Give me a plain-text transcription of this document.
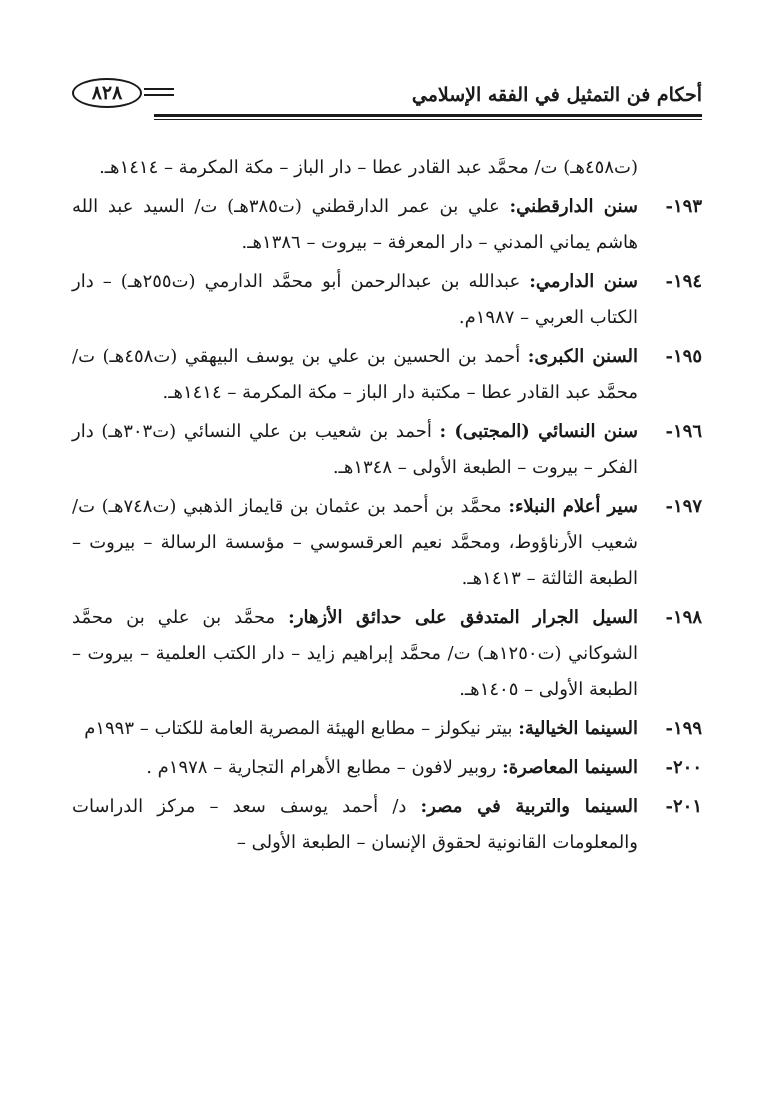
أحكام فن التمثيل في الفقه الإسلامي
٨٢٨
(ت٤٥٨هـ) ت/ محمَّد عبد القادر عطا – دار الباز – مكة المكرمة – ١٤١٤هـ.
١٩٣-
سنن الدارقطني: علي بن عمر الدارقطني (ت٣٨٥هـ) ت/ السيد عبد الله هاشم يماني المدني – دار المعرفة – بيروت – ١٣٨٦هـ.
١٩٤-
سنن الدارمي: عبدالله بن عبدالرحمن أبو محمَّد الدارمي (ت٢٥٥هـ) – دار الكتاب العربي – ١٩٨٧م.
١٩٥-
السنن الكبرى: أحمد بن الحسين بن علي بن يوسف البيهقي (ت٤٥٨هـ) ت/ محمَّد عبد القادر عطا – مكتبة دار الباز – مكة المكرمة – ١٤١٤هـ.
١٩٦-
سنن النسائي (المجتبى) : أحمد بن شعيب بن علي النسائي (ت٣٠٣هـ) دار الفكر – بيروت – الطبعة الأولى – ١٣٤٨هـ.
١٩٧-
سير أعلام النبلاء: محمَّد بن أحمد بن عثمان بن قايماز الذهبي (ت٧٤٨هـ) ت/ شعيب الأرناؤوط، ومحمَّد نعيم العرقسوسي – مؤسسة الرسالة – بيروت – الطبعة الثالثة – ١٤١٣هـ.
١٩٨-
السيل الجرار المتدفق على حدائق الأزهار: محمَّد بن علي بن محمَّد الشوكاني (ت١٢٥٠هـ) ت/ محمَّد إبراهيم زايد – دار الكتب العلمية – بيروت – الطبعة الأولى – ١٤٠٥هـ.
١٩٩-
السينما الخيالية: بيتر نيكولز – مطابع الهيئة المصرية العامة للكتاب – ١٩٩٣م
٢٠٠-
السينما المعاصرة: روبير لافون – مطابع الأهرام التجارية – ١٩٧٨م .
٢٠١-
السينما والتربية في مصر: د/ أحمد يوسف سعد – مركز الدراسات والمعلومات القانونية لحقوق الإنسان – الطبعة الأولى –
